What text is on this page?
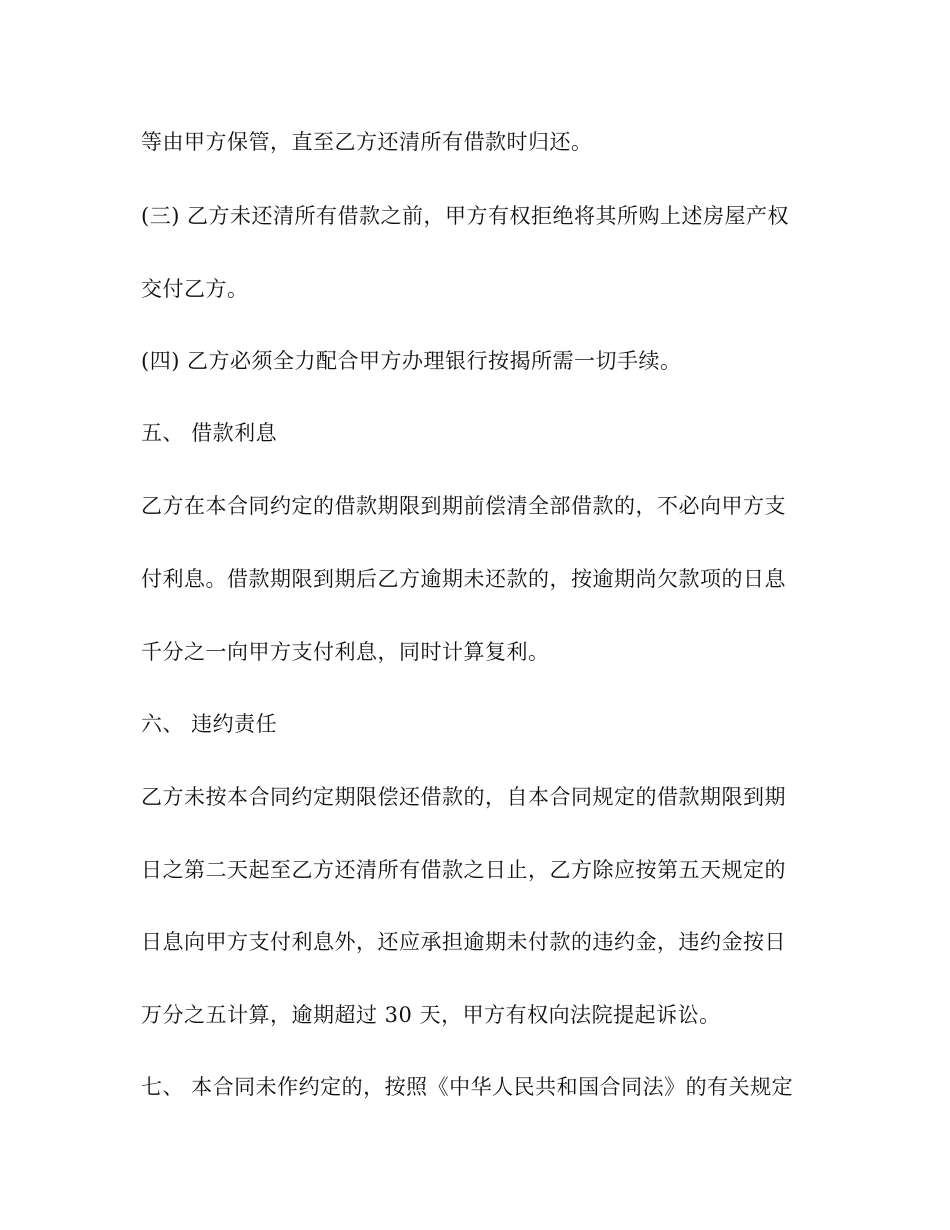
等由甲方保管，直至乙方还清所有借款时归还。
(三) 乙方未还清所有借款之前，甲方有权拒绝将其所购上述房屋产权
交付乙方。
(四) 乙方必须全力配合甲方办理银行按揭所需一切手续。
五、 借款利息
乙方在本合同约定的借款期限到期前偿清全部借款的，不必向甲方支
付利息。借款期限到期后乙方逾期未还款的，按逾期尚欠款项的日息
千分之一向甲方支付利息，同时计算复利。
六、 违约责任
乙方未按本合同约定期限偿还借款的，自本合同规定的借款期限到期
日之第二天起至乙方还清所有借款之日止，乙方除应按第五天规定的
日息向甲方支付利息外，还应承担逾期未付款的违约金，违约金按日
万分之五计算，逾期超过 30 天，甲方有权向法院提起诉讼。
七、 本合同未作约定的，按照《中华人民共和国合同法》的有关规定
